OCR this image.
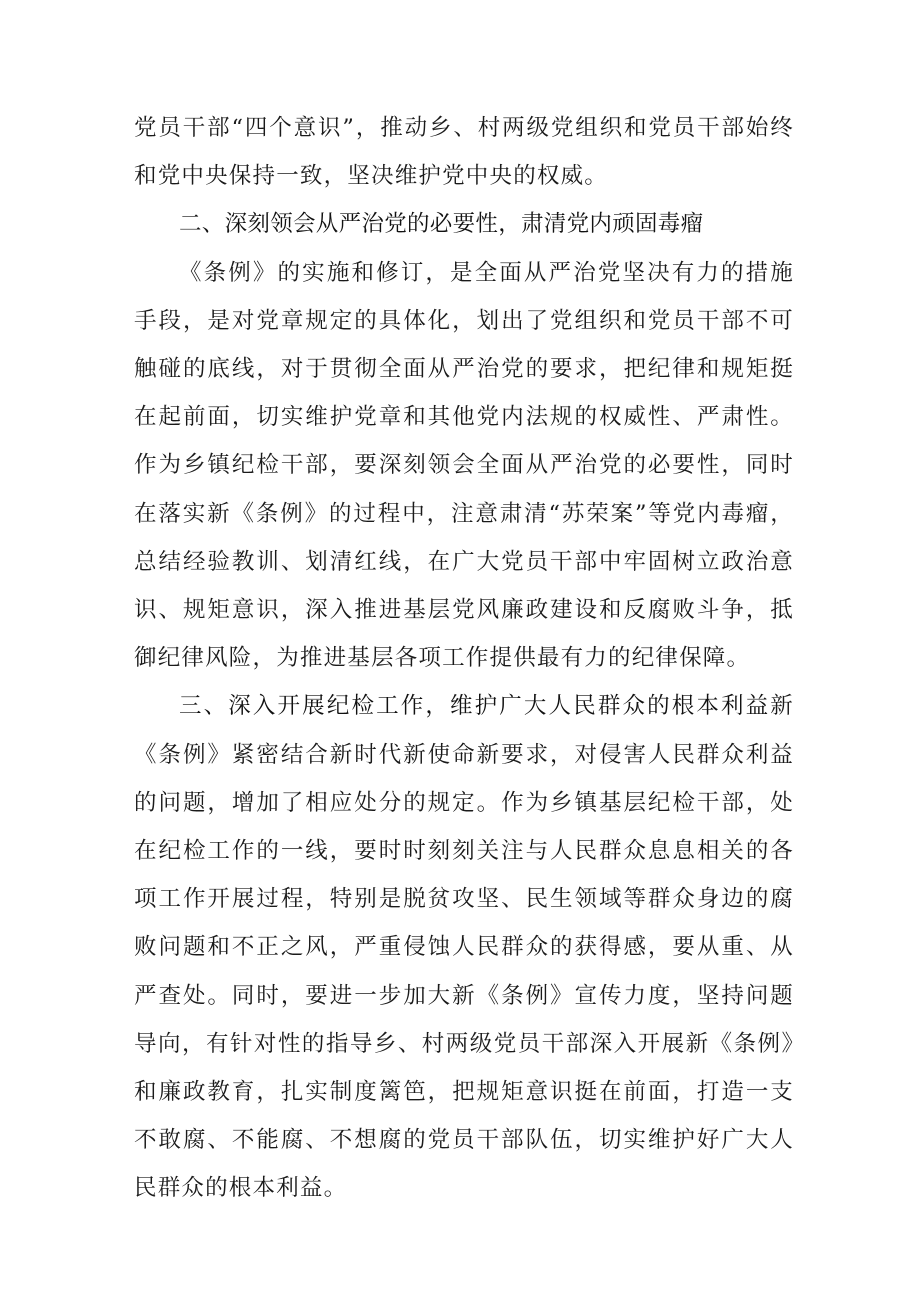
党员干部“四个意识”，推动乡、村两级党组织和党员干部始终和党中央保持一致，坚决维护党中央的权威。

二、深刻领会从严治党的必要性，肃清党内顽固毒瘤

《条例》的实施和修订，是全面从严治党坚决有力的措施手段，是对党章规定的具体化，划出了党组织和党员干部不可触碰的底线，对于贯彻全面从严治党的要求，把纪律和规矩挺在起前面，切实维护党章和其他党内法规的权威性、严肃性。作为乡镇纪检干部，要深刻领会全面从严治党的必要性，同时在落实新《条例》的过程中，注意肃清“苏荣案”等党内毒瘤，总结经验教训、划清红线，在广大党员干部中牢固树立政治意识、规矩意识，深入推进基层党风廉政建设和反腐败斗争，抵御纪律风险，为推进基层各项工作提供最有力的纪律保障。

三、深入开展纪检工作，维护广大人民群众的根本利益新《条例》紧密结合新时代新使命新要求，对侵害人民群众利益的问题，增加了相应处分的规定。作为乡镇基层纪检干部，处在纪检工作的一线，要时时刻刻关注与人民群众息息相关的各项工作开展过程，特别是脱贫攻坚、民生领域等群众身边的腐败问题和不正之风，严重侵蚀人民群众的获得感，要从重、从严查处。同时，要进一步加大新《条例》宣传力度，坚持问题导向，有针对性的指导乡、村两级党员干部深入开展新《条例》和廉政教育，扎实制度篱笆，把规矩意识挺在前面，打造一支不敢腐、不能腐、不想腐的党员干部队伍，切实维护好广大人民群众的根本利益。
